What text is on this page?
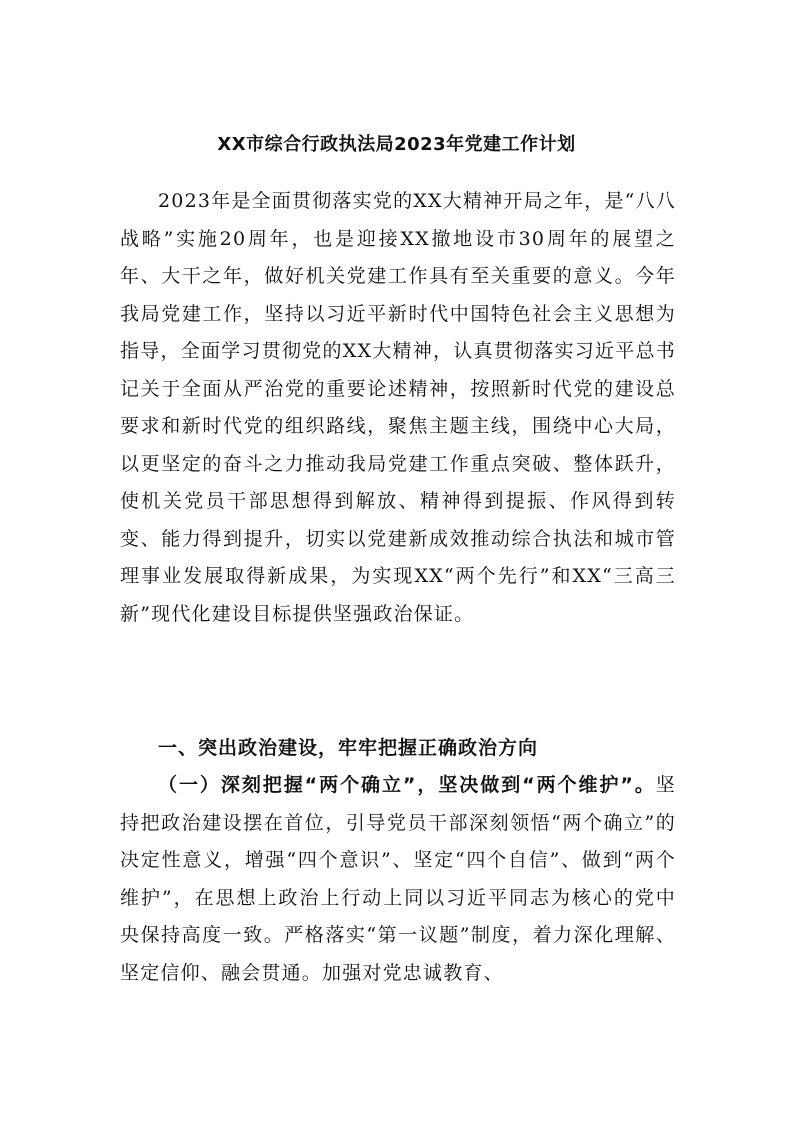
XX市综合行政执法局2023年党建工作计划
2023年是全面贯彻落实党的XX大精神开局之年，是“八八战略”实施20周年，也是迎接XX撤地设市30周年的展望之年、大干之年，做好机关党建工作具有至关重要的意义。今年我局党建工作，坚持以习近平新时代中国特色社会主义思想为指导，全面学习贯彻党的XX大精神，认真贯彻落实习近平总书记关于全面从严治党的重要论述精神，按照新时代党的建设总要求和新时代党的组织路线，聚焦主题主线，围绕中心大局，以更坚定的奋斗之力推动我局党建工作重点突破、整体跃升，使机关党员干部思想得到解放、精神得到提振、作风得到转变、能力得到提升，切实以党建新成效推动综合执法和城市管理事业发展取得新成果，为实现XX“两个先行”和XX“三高三新”现代化建设目标提供坚强政治保证。
一、突出政治建设，牢牢把握正确政治方向
（一）深刻把握“两个确立”，坚决做到“两个维护”。坚持把政治建设摆在首位，引导党员干部深刻领悟“两个确立”的决定性意义，增强“四个意识”、坚定“四个自信”、做到“两个维护”，在思想上政治上行动上同以习近平同志为核心的党中央保持高度一致。严格落实“第一议题”制度，着力深化理解、坚定信仰、融会贯通。加强对党忠诚教育、
